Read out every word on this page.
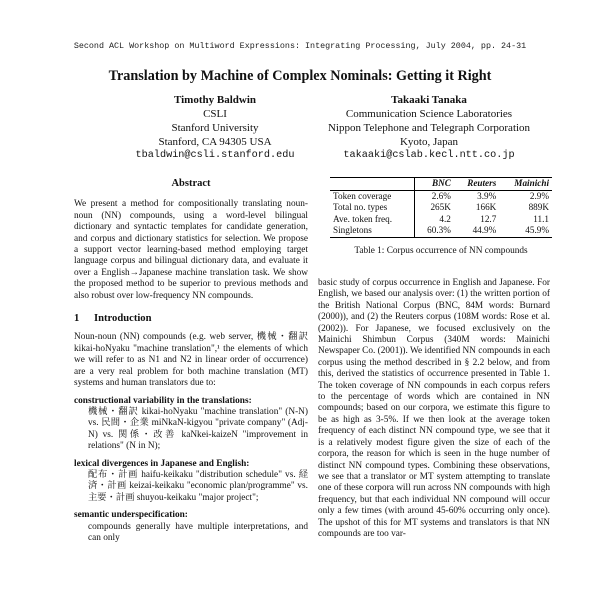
Second ACL Workshop on Multiword Expressions: Integrating Processing, July 2004, pp. 24-31
Translation by Machine of Complex Nominals: Getting it Right
Timothy Baldwin
CSLI
Stanford University
Stanford, CA 94305 USA
tbaldwin@csli.stanford.edu
Takaaki Tanaka
Communication Science Laboratories
Nippon Telephone and Telegraph Corporation
Kyoto, Japan
takaaki@cslab.kecl.ntt.co.jp
Abstract

We present a method for compositionally translating noun-noun (NN) compounds, using a word-level bilingual dictionary and syntactic templates for candidate generation, and corpus and dictionary statistics for selection. We propose a support vector learning-based method employing target language corpus and bilingual dictionary data, and evaluate it over a English→Japanese machine translation task. We show the proposed method to be superior to previous methods and also robust over low-frequency NN compounds.

1 Introduction

Noun-noun (NN) compounds (e.g. web server, 機械・翻訳 kikai-hoNyaku "machine translation",¹ the elements of which we will refer to as N1 and N2 in linear order of occurrence) are a very real problem for both machine translation (MT) systems and human translators due to:

constructional variability in the translations:

機械・翻訳 kikai-hoNyaku "machine translation" (N-N) vs. 民間・企業 miNkaN-kigyou "private company" (Adj-N) vs. 関係・改善 kaNkei-kaizeN "improvement in relations" (N in N);

lexical divergences in Japanese and English:

配布・計画 haifu-keikaku "distribution schedule" vs. 経済・計画 keizai-keikaku "economic plan/programme" vs. 主要・計画 shuyou-keikaku "major project";

semantic underspecification:

compounds generally have multiple interpretations, and can only

	BNC	Reuters	Mainichi
Token coverage	2.6%	3.9%	2.9%
Total no. types	265K	166K	889K
Ave. token freq.	4.2	12.7	11.1
Singletons	60.3%	44.9%	45.9%
Table 1: Corpus occurrence of NN compounds

basic study of corpus occurrence in English and Japanese. For English, we based our analysis over: (1) the written portion of the British National Corpus (BNC, 84M words: Burnard (2000)), and (2) the Reuters corpus (108M words: Rose et al. (2002)). For Japanese, we focused exclusively on the Mainichi Shimbun Corpus (340M words: Mainichi Newspaper Co. (2001)). We identified NN compounds in each corpus using the method described in § 2.2 below, and from this, derived the statistics of occurrence presented in Table 1. The token coverage of NN compounds in each corpus refers to the percentage of words which are contained in NN compounds; based on our corpora, we estimate this figure to be as high as 3-5%. If we then look at the average token frequency of each distinct NN compound type, we see that it is a relatively modest figure given the size of each of the corpora, the reason for which is seen in the huge number of distinct NN compound types. Combining these observations, we see that a translator or MT system attempting to translate one of these corpora will run across NN compounds with high frequency, but that each individual NN compound will occur only a few times (with around 45-60% occurring only once). The upshot of this for MT systems and translators is that NN compounds are too var-
